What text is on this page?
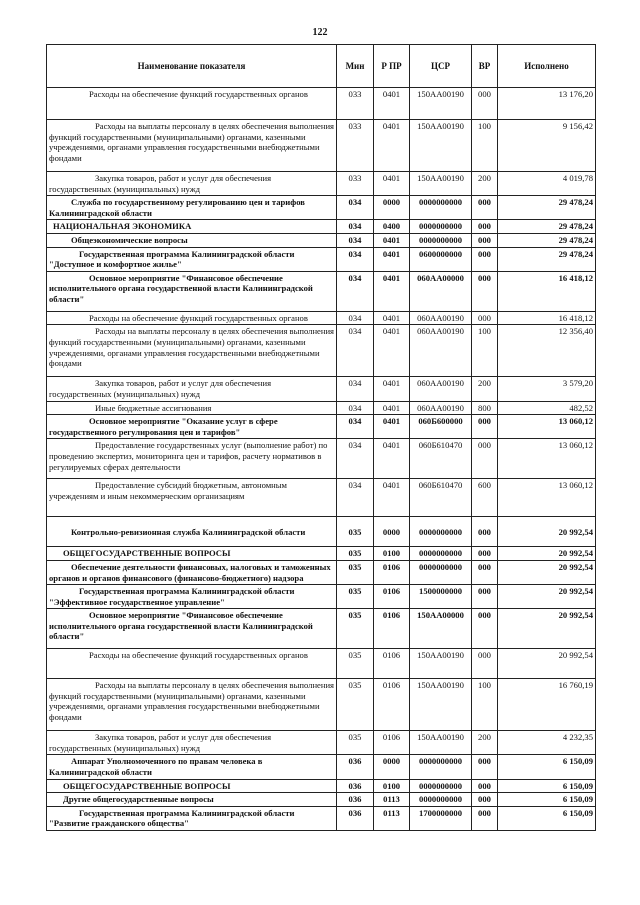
122
Наименование показателя	Мин	Р ПР	ЦСР	ВР	Исполнено
Расходы на обеспечение функций государственных органов	033	0401	150АА00190	000	13 176,20
Расходы на выплаты персоналу в целях обеспечения выполнения функций государственными (муниципальными) органами, казенными учреждениями, органами управления государственными внебюджетными фондами	033	0401	150АА00190	100	9 156,42
Закупка товаров, работ и услуг для обеспечения государственных (муниципальных) нужд	033	0401	150АА00190	200	4 019,78
Служба по государственному регулированию цен и тарифов Калининградской области	034	0000	0000000000	000	29 478,24
НАЦИОНАЛЬНАЯ ЭКОНОМИКА	034	0400	0000000000	000	29 478,24
Общеэкономические вопросы	034	0401	0000000000	000	29 478,24
Государственная программа Калининградской области "Доступное и комфортное жилье"	034	0401	0600000000	000	29 478,24
Основное мероприятие "Финансовое обеспечение исполнительного органа государственной власти Калининградской области"	034	0401	060АА00000	000	16 418,12
Расходы на обеспечение функций государственных органов	034	0401	060АА00190	000	16 418,12
Расходы на выплаты персоналу в целях обеспечения выполнения функций государственными (муниципальными) органами, казенными учреждениями, органами управления государственными внебюджетными фондами	034	0401	060АА00190	100	12 356,40
Закупка товаров, работ и услуг для обеспечения государственных (муниципальных) нужд	034	0401	060АА00190	200	3 579,20
Иные бюджетные ассигнования	034	0401	060АА00190	800	482,52
Основное мероприятие "Оказание услуг в сфере государственного регулирования цен и тарифов"	034	0401	060Б600000	000	13 060,12
Предоставление государственных услуг (выполнение работ) по проведению экспертиз, мониторинга цен и тарифов, расчету нормативов в регулируемых сферах деятельности	034	0401	060Б610470	000	13 060,12
Предоставление субсидий бюджетным, автономным учреждениям и иным некоммерческим организациям	034	0401	060Б610470	600	13 060,12
Контрольно-ревизионная служба Калининградской области	035	0000	0000000000	000	20 992,54
ОБЩЕГОСУДАРСТВЕННЫЕ ВОПРОСЫ	035	0100	0000000000	000	20 992,54
Обеспечение деятельности финансовых, налоговых и таможенных органов и органов финансового (финансово-бюджетного) надзора	035	0106	0000000000	000	20 992,54
Государственная программа Калининградской области "Эффективное государственное управление"	035	0106	1500000000	000	20 992,54
Основное мероприятие "Финансовое обеспечение исполнительного органа государственной власти Калининградской области"	035	0106	150АА00000	000	20 992,54
Расходы на обеспечение функций государственных органов	035	0106	150АА00190	000	20 992,54
Расходы на выплаты персоналу в целях обеспечения выполнения функций государственными (муниципальными) органами, казенными учреждениями, органами управления государственными внебюджетными фондами	035	0106	150АА00190	100	16 760,19
Закупка товаров, работ и услуг для обеспечения государственных (муниципальных) нужд	035	0106	150АА00190	200	4 232,35
Аппарат Уполномоченного по правам человека в Калининградской области	036	0000	0000000000	000	6 150,09
ОБЩЕГОСУДАРСТВЕННЫЕ ВОПРОСЫ	036	0100	0000000000	000	6 150,09
Другие общегосударственные вопросы	036	0113	0000000000	000	6 150,09
Государственная программа Калининградской области "Развитие гражданского общества"	036	0113	1700000000	000	6 150,09
